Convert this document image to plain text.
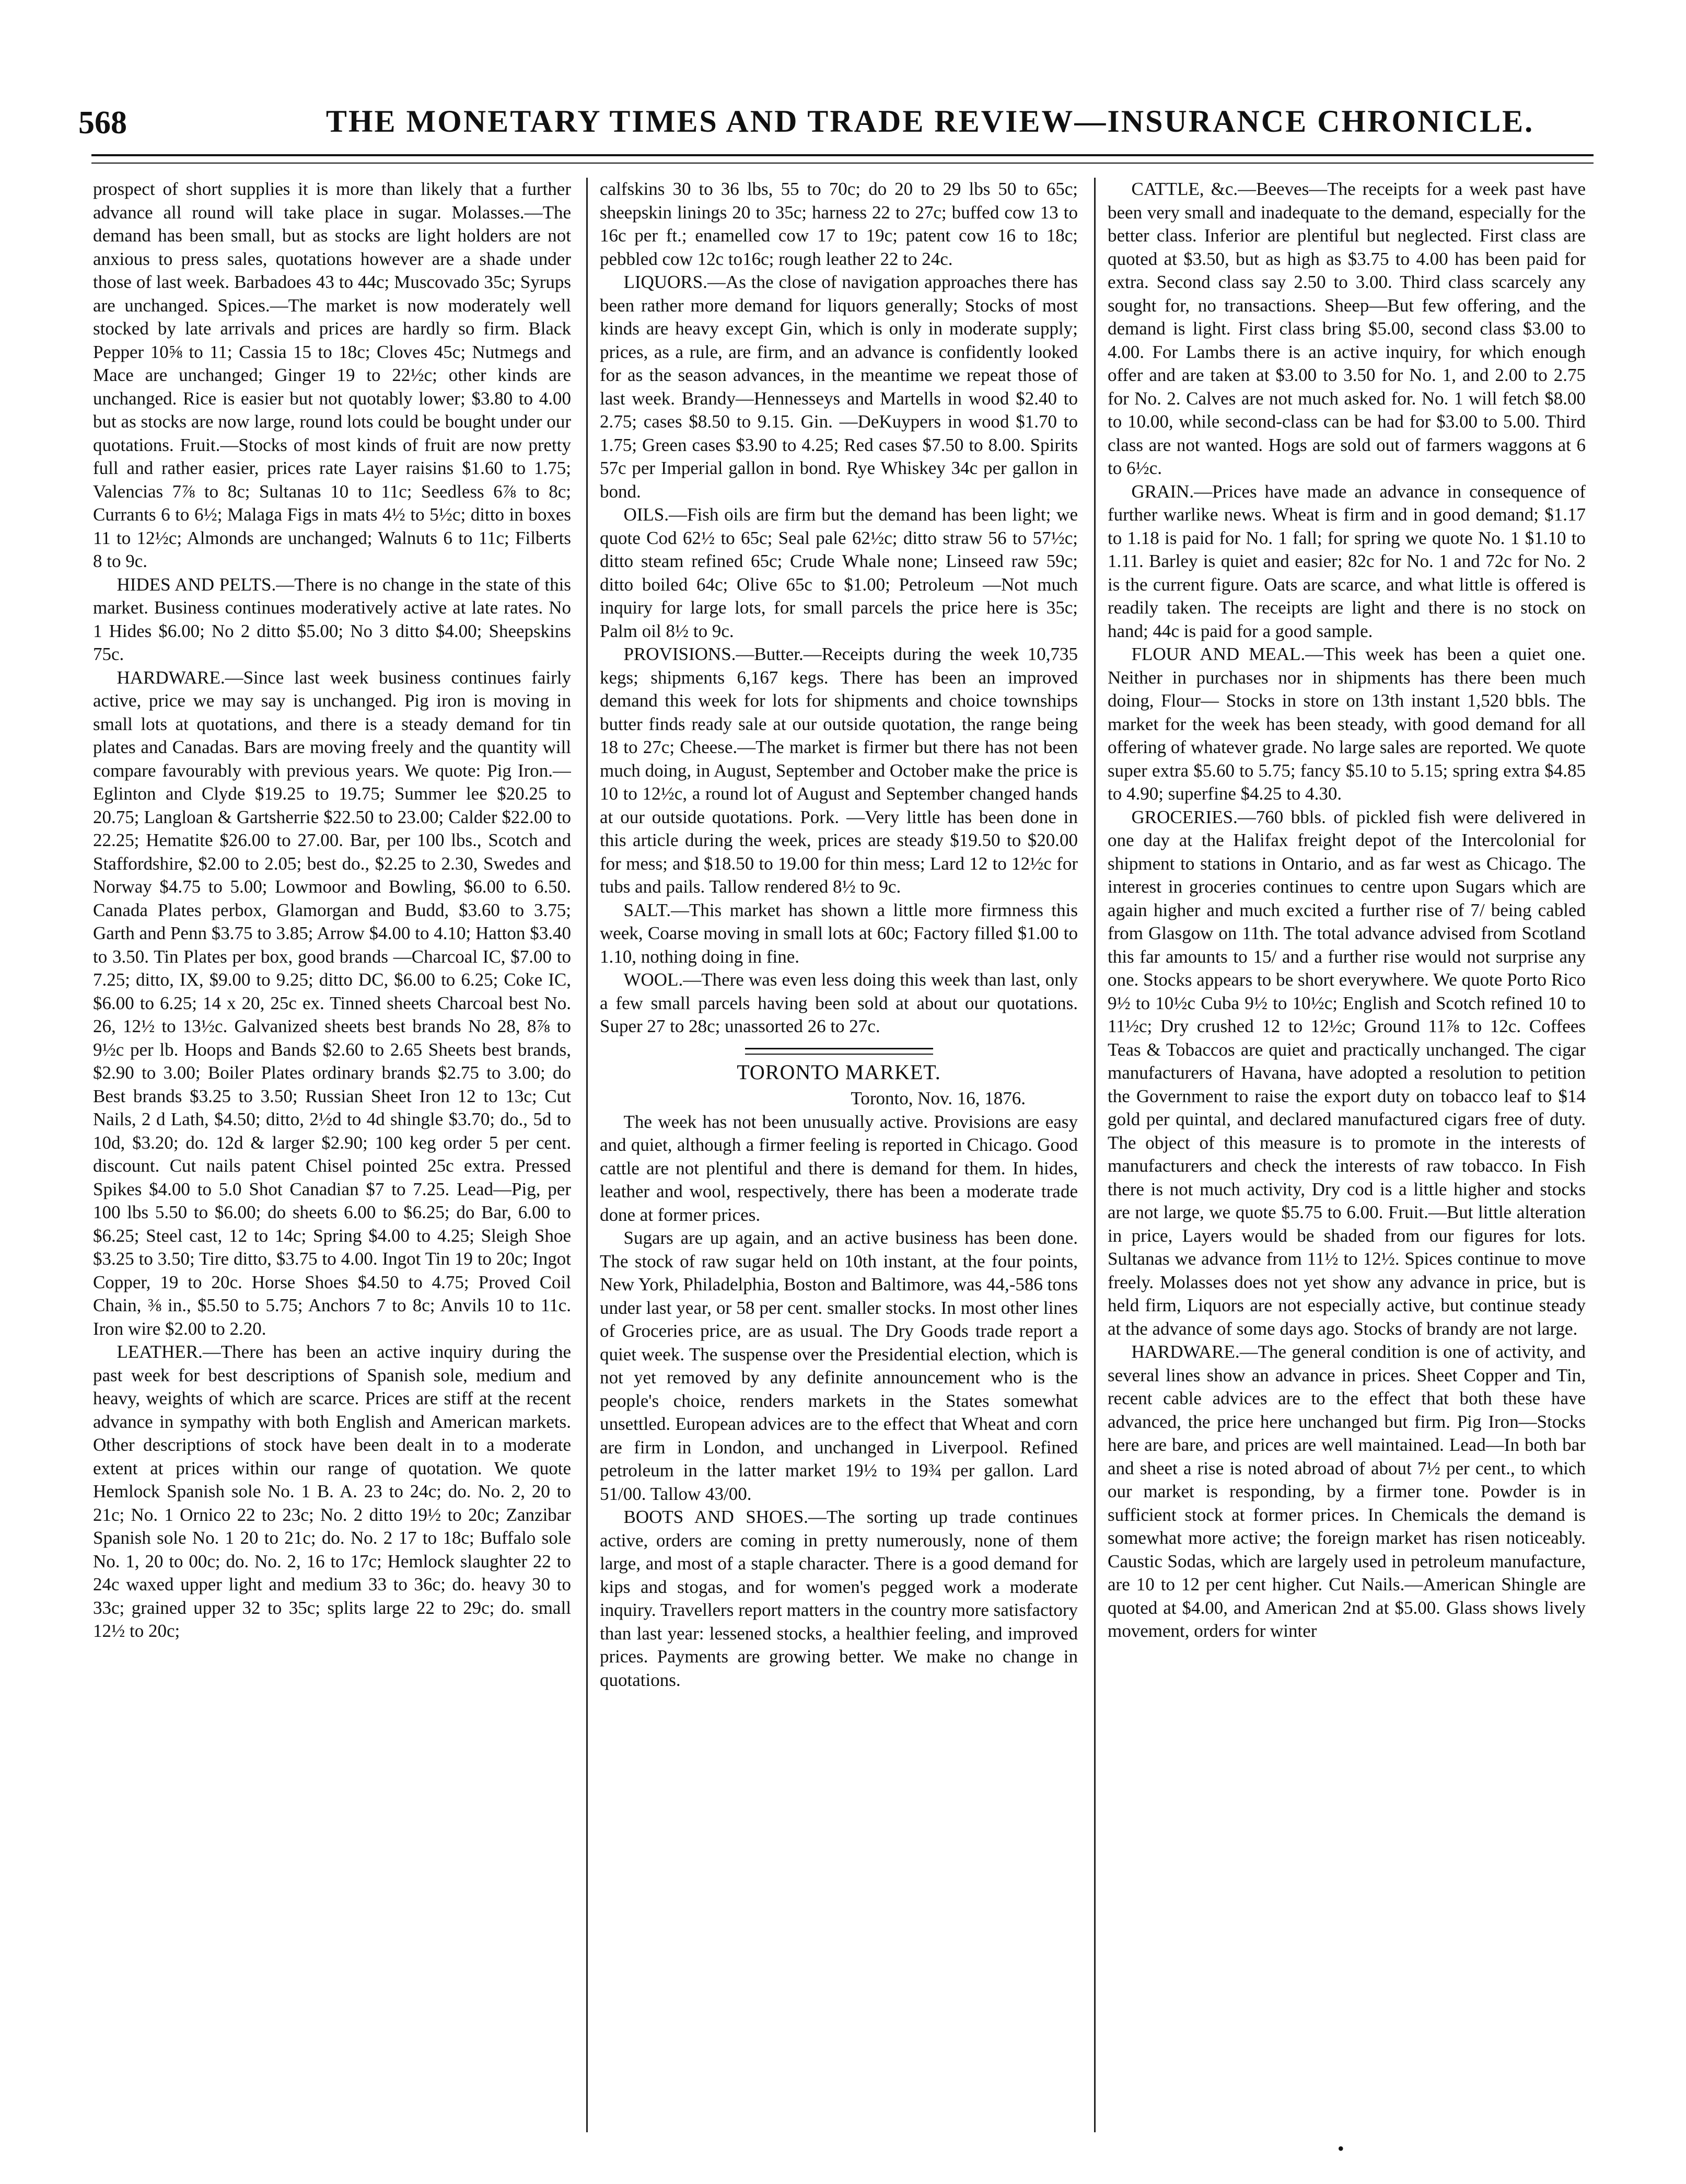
568	THE MONETARY TIMES AND TRADE REVIEW—INSURANCE CHRONICLE.

prospect of short supplies it is more than likely that a further advance all round will take place in sugar. Molasses.—The demand has been small, but as stocks are light holders are not anxious to press sales, quotations however are a shade under those of last week. Barbadoes 43 to 44c; Muscovado 35c; Syrups are unchanged. Spices.—The market is now moderately well stocked by late arrivals and prices are hardly so firm. Black Pepper 10⅝ to 11; Cassia 15 to 18c; Cloves 45c; Nutmegs and Mace are unchanged; Ginger 19 to 22½c; other kinds are unchanged. Rice is easier but not quotably lower; $3.80 to 4.00 but as stocks are now large, round lots could be bought under our quotations. Fruit.—Stocks of most kinds of fruit are now pretty full and rather easier, prices rate Layer raisins $1.60 to 1.75; Valencias 7⅞ to 8c; Sultanas 10 to 11c; Seedless 6⅞ to 8c; Currants 6 to 6½; Malaga Figs in mats 4½ to 5½c; ditto in boxes 11 to 12½c; Almonds are unchanged; Walnuts 6 to 11c; Filberts 8 to 9c.

HIDES AND PELTS.—There is no change in the state of this market. Business continues moderatively active at late rates. No 1 Hides $6.00; No 2 ditto $5.00; No 3 ditto $4.00; Sheepskins 75c.

HARDWARE.—Since last week business continues fairly active, price we may say is unchanged. Pig iron is moving in small lots at quotations, and there is a steady demand for tin plates and Canadas. Bars are moving freely and the quantity will compare favourably with previous years. We quote: Pig Iron.—Eglinton and Clyde $19.25 to 19.75; Summer lee $20.25 to 20.75; Langloan & Gartsherrie $22.50 to 23.00; Calder $22.00 to 22.25; Hematite $26.00 to 27.00. Bar, per 100 lbs., Scotch and Staffordshire, $2.00 to 2.05; best do., $2.25 to 2.30, Swedes and Norway $4.75 to 5.00; Lowmoor and Bowling, $6.00 to 6.50. Canada Plates perbox, Glamorgan and Budd, $3.60 to 3.75; Garth and Penn $3.75 to 3.85; Arrow $4.00 to 4.10; Hatton $3.40 to 3.50. Tin Plates per box, good brands —Charcoal IC, $7.00 to 7.25; ditto, IX, $9.00 to 9.25; ditto DC, $6.00 to 6.25; Coke IC, $6.00 to 6.25; 14 x 20, 25c ex. Tinned sheets Charcoal best No. 26, 12½ to 13½c. Galvanized sheets best brands No 28, 8⅞ to 9½c per lb. Hoops and Bands $2.60 to 2.65 Sheets best brands, $2.90 to 3.00; Boiler Plates ordinary brands $2.75 to 3.00; do Best brands $3.25 to 3.50; Russian Sheet Iron 12 to 13c; Cut Nails, 2 d Lath, $4.50; ditto, 2½d to 4d shingle $3.70; do., 5d to 10d, $3.20; do. 12d & larger $2.90; 100 keg order 5 per cent. discount. Cut nails patent Chisel pointed 25c extra. Pressed Spikes $4.00 to 5.0 Shot Canadian $7 to 7.25. Lead—Pig, per 100 lbs 5.50 to $6.00; do sheets 6.00 to $6.25; do Bar, 6.00 to $6.25; Steel cast, 12 to 14c; Spring $4.00 to 4.25; Sleigh Shoe $3.25 to 3.50; Tire ditto, $3.75 to 4.00. Ingot Tin 19 to 20c; Ingot Copper, 19 to 20c. Horse Shoes $4.50 to 4.75; Proved Coil Chain, ⅜ in., $5.50 to 5.75; Anchors 7 to 8c; Anvils 10 to 11c. Iron wire $2.00 to 2.20.

LEATHER.—There has been an active inquiry during the past week for best descriptions of Spanish sole, medium and heavy, weights of which are scarce. Prices are stiff at the recent advance in sympathy with both English and American markets. Other descriptions of stock have been dealt in to a moderate extent at prices within our range of quotation. We quote Hemlock Spanish sole No. 1 B. A. 23 to 24c; do. No. 2, 20 to 21c; No. 1 Ornico 22 to 23c; No. 2 ditto 19½ to 20c; Zanzibar Spanish sole No. 1 20 to 21c; do. No. 2 17 to 18c; Buffalo sole No. 1, 20 to 00c; do. No. 2, 16 to 17c; Hemlock slaughter 22 to 24c waxed upper light and medium 33 to 36c; do. heavy 30 to 33c; grained upper 32 to 35c; splits large 22 to 29c; do. small 12½ to 20c;

calfskins 30 to 36 lbs, 55 to 70c; do 20 to 29 lbs 50 to 65c; sheepskin linings 20 to 35c; harness 22 to 27c; buffed cow 13 to 16c per ft.; enamelled cow 17 to 19c; patent cow 16 to 18c; pebbled cow 12c to16c; rough leather 22 to 24c.

LIQUORS.—As the close of navigation approaches there has been rather more demand for liquors generally; Stocks of most kinds are heavy except Gin, which is only in moderate supply; prices, as a rule, are firm, and an advance is confidently looked for as the season advances, in the meantime we repeat those of last week. Brandy—Hennesseys and Martells in wood $2.40 to 2.75; cases $8.50 to 9.15. Gin. —DeKuypers in wood $1.70 to 1.75; Green cases $3.90 to 4.25; Red cases $7.50 to 8.00. Spirits 57c per Imperial gallon in bond. Rye Whiskey 34c per gallon in bond.

OILS.—Fish oils are firm but the demand has been light; we quote Cod 62½ to 65c; Seal pale 62½c; ditto straw 56 to 57½c; ditto steam refined 65c; Crude Whale none; Linseed raw 59c; ditto boiled 64c; Olive 65c to $1.00; Petroleum —Not much inquiry for large lots, for small parcels the price here is 35c; Palm oil 8½ to 9c.

PROVISIONS.—Butter.—Receipts during the week 10,735 kegs; shipments 6,167 kegs. There has been an improved demand this week for lots for shipments and choice townships butter finds ready sale at our outside quotation, the range being 18 to 27c; Cheese.—The market is firmer but there has not been much doing, in August, September and October make the price is 10 to 12½c, a round lot of August and September changed hands at our outside quotations. Pork. —Very little has been done in this article during the week, prices are steady $19.50 to $20.00 for mess; and $18.50 to 19.00 for thin mess; Lard 12 to 12½c for tubs and pails. Tallow rendered 8½ to 9c.

SALT.—This market has shown a little more firmness this week, Coarse moving in small lots at 60c; Factory filled $1.00 to 1.10, nothing doing in fine.

WOOL.—There was even less doing this week than last, only a few small parcels having been sold at about our quotations. Super 27 to 28c; unassorted 26 to 27c.

TORONTO MARKET.

Toronto, Nov. 16, 1876.

The week has not been unusually active. Provisions are easy and quiet, although a firmer feeling is reported in Chicago. Good cattle are not plentiful and there is demand for them. In hides, leather and wool, respectively, there has been a moderate trade done at former prices.

Sugars are up again, and an active business has been done. The stock of raw sugar held on 10th instant, at the four points, New York, Philadelphia, Boston and Baltimore, was 44,-586 tons under last year, or 58 per cent. smaller stocks. In most other lines of Groceries price, are as usual. The Dry Goods trade report a quiet week. The suspense over the Presidential election, which is not yet removed by any definite announcement who is the people's choice, renders markets in the States somewhat unsettled. European advices are to the effect that Wheat and corn are firm in London, and unchanged in Liverpool. Refined petroleum in the latter market 19½ to 19¾ per gallon. Lard 51/00. Tallow 43/00.

BOOTS AND SHOES.—The sorting up trade continues active, orders are coming in pretty numerously, none of them large, and most of a staple character. There is a good demand for kips and stogas, and for women's pegged work a moderate inquiry. Travellers report matters in the country more satisfactory than last year: lessened stocks, a healthier feeling, and improved prices. Payments are growing better. We make no change in quotations.

CATTLE, &c.—Beeves—The receipts for a week past have been very small and inadequate to the demand, especially for the better class. Inferior are plentiful but neglected. First class are quoted at $3.50, but as high as $3.75 to 4.00 has been paid for extra. Second class say 2.50 to 3.00. Third class scarcely any sought for, no transactions. Sheep—But few offering, and the demand is light. First class bring $5.00, second class $3.00 to 4.00. For Lambs there is an active inquiry, for which enough offer and are taken at $3.00 to 3.50 for No. 1, and 2.00 to 2.75 for No. 2. Calves are not much asked for. No. 1 will fetch $8.00 to 10.00, while second-class can be had for $3.00 to 5.00. Third class are not wanted. Hogs are sold out of farmers waggons at 6 to 6½c.

GRAIN.—Prices have made an advance in consequence of further warlike news. Wheat is firm and in good demand; $1.17 to 1.18 is paid for No. 1 fall; for spring we quote No. 1 $1.10 to 1.11. Barley is quiet and easier; 82c for No. 1 and 72c for No. 2 is the current figure. Oats are scarce, and what little is offered is readily taken. The receipts are light and there is no stock on hand; 44c is paid for a good sample.

FLOUR AND MEAL.—This week has been a quiet one. Neither in purchases nor in shipments has there been much doing, Flour— Stocks in store on 13th instant 1,520 bbls. The market for the week has been steady, with good demand for all offering of whatever grade. No large sales are reported. We quote super extra $5.60 to 5.75; fancy $5.10 to 5.15; spring extra $4.85 to 4.90; superfine $4.25 to 4.30.

GROCERIES.—760 bbls. of pickled fish were delivered in one day at the Halifax freight depot of the Intercolonial for shipment to stations in Ontario, and as far west as Chicago. The interest in groceries continues to centre upon Sugars which are again higher and much excited a further rise of 7/ being cabled from Glasgow on 11th. The total advance advised from Scotland this far amounts to 15/ and a further rise would not surprise any one. Stocks appears to be short everywhere. We quote Porto Rico 9½ to 10½c Cuba 9½ to 10½c; English and Scotch refined 10 to 11½c; Dry crushed 12 to 12½c; Ground 11⅞ to 12c. Coffees Teas & Tobaccos are quiet and practically unchanged. The cigar manufacturers of Havana, have adopted a resolution to petition the Government to raise the export duty on tobacco leaf to $14 gold per quintal, and declared manufactured cigars free of duty. The object of this measure is to promote in the interests of manufacturers and check the interests of raw tobacco. In Fish there is not much activity, Dry cod is a little higher and stocks are not large, we quote $5.75 to 6.00. Fruit.—But little alteration in price, Layers would be shaded from our figures for lots. Sultanas we advance from 11½ to 12½. Spices continue to move freely. Molasses does not yet show any advance in price, but is held firm, Liquors are not especially active, but continue steady at the advance of some days ago. Stocks of brandy are not large.

HARDWARE.—The general condition is one of activity, and several lines show an advance in prices. Sheet Copper and Tin, recent cable advices are to the effect that both these have advanced, the price here unchanged but firm. Pig Iron—Stocks here are bare, and prices are well maintained. Lead—In both bar and sheet a rise is noted abroad of about 7½ per cent., to which our market is responding, by a firmer tone. Powder is in sufficient stock at former prices. In Chemicals the demand is somewhat more active; the foreign market has risen noticeably. Caustic Sodas, which are largely used in petroleum manufacture, are 10 to 12 per cent higher. Cut Nails.—American Shingle are quoted at $4.00, and American 2nd at $5.00. Glass shows lively movement, orders for winter

•
